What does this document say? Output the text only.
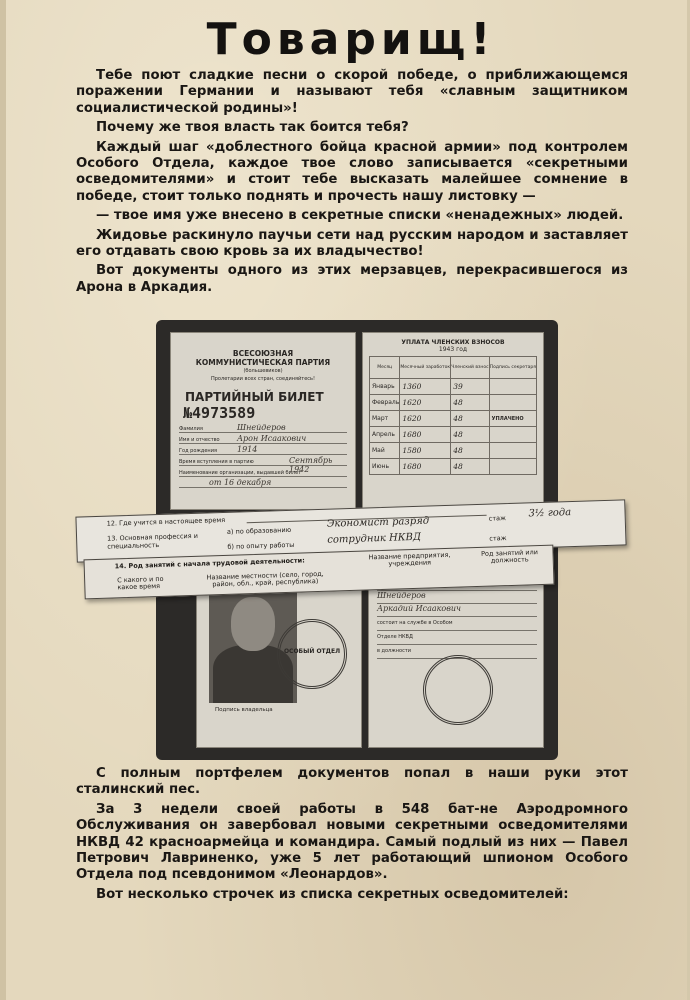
Товарищ!

Тебе поют сладкие песни о скорой победе, о приближающемся поражении Германии и называют тебя «славным защитником социалистической родины»!

Почему же твоя власть так боится тебя?

Каждый шаг «доблестного бойца красной армии» под контролем Особого Отдела, каждое твое слово записывается «секретными осведомителями» и стоит тебе высказать малейшее сомнение в победе, стоит только поднять и прочесть нашу листовку —

— твое имя уже внесено в секретные списки «ненадежных» людей.

Жидовье раскинуло паучьи сети над русским народом и заставляет его отдавать свою кровь за их владычество!

Вот документы одного из этих мерзавцев, перекрасившегося из Арона в Аркадия.

ВСЕСОЮЗНАЯ
КОММУНИСТИЧЕСКАЯ ПАРТИЯ
(большевиков)
Пролетарии всех стран, соединяйтесь!
ПАРТИЙНЫЙ БИЛЕТ
№4973589
Фамилия	Шнейдеров
Имя и отчество Арон Исаакович
Год рождения	1914
Время вступления в партию	Сентябрь 1942
Наименование организации, выдавшей билет
от 16 декабря
УПЛАТА ЧЛЕНСКИХ ВЗНОСОВ
1943 год
Месяц	Месячный заработок	Членский взнос	Подпись секретаря
Январь	1360	39	
Февраль	1620	48	
Март	1620	48	УПЛАЧЕНО
Апрель	1680	48	
Май	1580	48	
Июнь	1680	48	
Подпись владельца
ОСОБЫЙ ОТДЕЛ
Шнейдеров
Аркадий Исаакович
состоит на службе в Особом
Отделе НКВД
в должности
12. Где учится в настоящее время
13. Основная профессия и специальность
а) по образованию
б) по опыту работы
Экономист разряд
сотрудник НКВД
стаж 3½ года
стаж
14. Род занятий с начала трудовой деятельности:
Название предприятия, учреждения
Род занятий или должность
С какого и по какое время
Название местности (село, город, район, обл., край, республика)

С полным портфелем документов попал в наши руки этот сталинский пес.

За 3 недели своей работы в 548 бат-не Аэродромного Обслуживания он завербовал новыми секретными осведомителями НКВД 42 красноармейца и командира. Самый подлый из них — Павел Петрович Лавриненко, уже 5 лет работающий шпионом Особого Отдела под псевдонимом «Леонардов».

Вот несколько строчек из списка секретных осведомителей:
